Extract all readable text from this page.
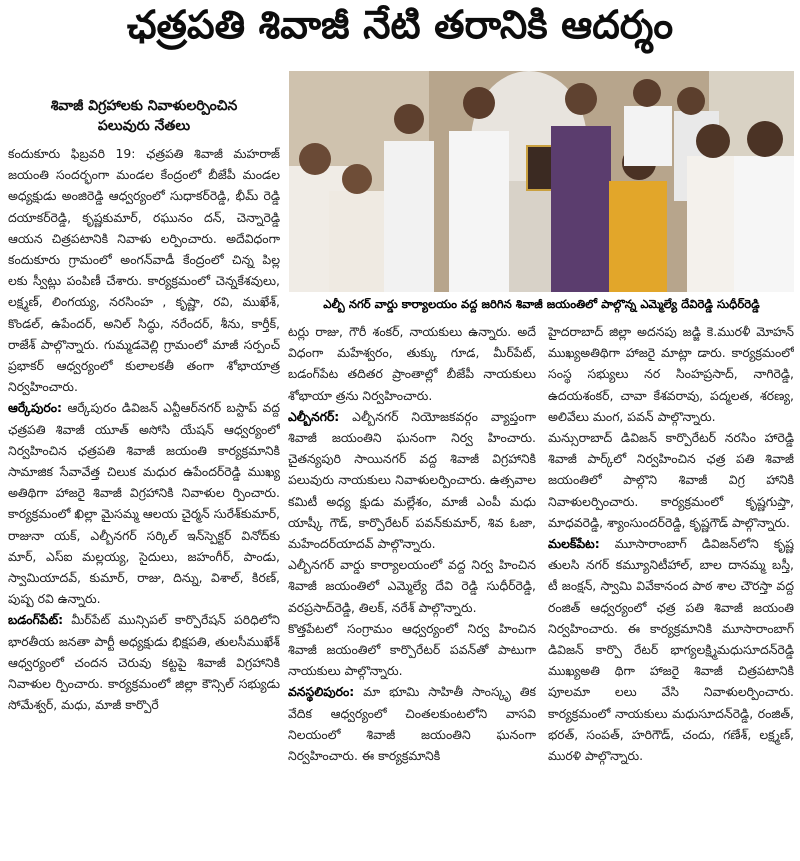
ఛత్రపతి శివాజీ నేటి తరానికి ఆదర్శం
శివాజీ విగ్రహాలకు నివాళులర్పించిన
పలువురు నేతలు

కందుకూరు ఫిబ్రవరి 19: ఛత్రపతి శివాజీ మహరాజ్ జయంతి సందర్భంగా మండల కేంద్రంలో బీజేపీ మండల అధ్యక్షుడు అంజిరెడ్డి ఆధ్వర్యంలో సుధాకర్‌రెడ్డి, భీమ్ రెడ్డి దయాకర్‌రెడ్డి, కృష్ణకుమార్, రఘునం దన్, చెన్నారెడ్డి ఆయన చిత్రపటానికి నివాళు లర్పించారు. అదేవిధంగా కందుకూరు గ్రామంలో అంగన్‌వాడీ కేంద్రంలో చిన్న పిల్ల లకు స్వీట్లు పంపిణీ చేశారు. కార్యక్రమంలో చెన్నకేశవులు, లక్ష్మణ్, లింగయ్య, నరసింహ , కృష్ణా, రవి, ముఖేశ్, కొండల్, ఉపేందర్, అనిల్ సిద్ధు, నరేందర్, శీను, కార్తీక్, రాజేశ్ పాల్గొన్నారు. గుమ్మడవెల్లి గ్రామంలో మాజీ సర్పంచ్ ప్రభాకర్ ఆధ్వర్యంలో కులాలకతీ తంగా శోభాయాత్ర నిర్వహించారు.

ఆర్కేపురం: ఆర్కేపురం డివిజన్ ఎన్టీఆర్‌నగర్ బస్టాప్ వద్ద ఛత్రపతి శివాజీ యూత్ అసోసి యేషన్ ఆధ్వర్యంలో నిర్వహించిన ఛత్రపతి శివాజీ జయంతి కార్యక్రమానికి సామాజిక సేవావేత్త చిలుక మధుర ఉపేందర్‌రెడ్డి ముఖ్య అతిథిగా హాజరై శివాజీ విగ్రహానికి నివాళుల ర్పించారు. కార్యక్రమంలో ఖిల్లా మైసమ్మ ఆలయ చైర్మన్ సురేశ్‌కుమార్, రాజునా యక్, ఎల్బీనగర్ సర్కిల్ ఇన్‌స్పెక్టర్ వినోద్‌కు మార్, ఎస్ఐ మల్లయ్య, సైదులు, జహంగీర్, పాండు, స్వామియాదవ్, కుమార్, రాజు, దిన్ను, విశాల్, కిరణ్, పుష్ప రవి ఉన్నారు.

బడంగ్‌పేట్: మీర్‌పేట్ మున్సిపల్ కార్పొరేషన్ పరిధిలోని భారతీయ జనతా పార్టీ అధ్యక్షుడు భిక్షపతి, తులసీముఖేశ్ ఆధ్వర్యంలో చందన చెరువు కట్టపై శివాజీ విగ్రహానికి నివాళుల ర్పించారు. కార్యక్రమంలో జిల్లా కౌన్సిల్ సభ్యుడు సోమేశ్వర్, మధు, మాజీ కార్పొరే

ఎల్బీ నగర్ వార్డు కార్యాలయం వద్ద జరిగిన శివాజీ జయంతిలో పాల్గొన్న ఎమ్మెల్యే దేవిరెడ్డి సుధీర్‌రెడ్డి

టర్లు రాజు, గౌరీ శంకర్, నాయకులు ఉన్నారు. అదే విధంగా మహేశ్వరం, తుక్కు గూడ, మీర్‌పేట్, బడంగ్‌పేట తదితర ప్రాంతాల్లో బీజేపీ నాయకులు శోభాయా త్రను నిర్వహించారు.

ఎల్బీనగర్: ఎల్బీనగర్ నియోజకవర్గం వ్యాప్తంగా శివాజీ జయంతిని ఘనంగా నిర్వ హించారు. చైతన్యపురి సాయినగర్ వద్ద శివాజీ విగ్రహానికి పలువురు నాయకులు నివాళులర్పించారు. ఉత్సవాల కమిటీ అధ్య క్షుడు మల్లేశం, మాజీ ఎంపీ మధు యాష్కీ గౌడ్, కార్పొరేటర్ పవన్‌కుమార్, శివ ఓజా, మహేందర్‌యాదవ్ పాల్గొన్నారు.

ఎల్బీనగర్ వార్డు కార్యాలయంలో వద్ద నిర్వ హించిన శివాజీ జయంతిలో ఎమ్మెల్యే దేవి రెడ్డి సుధీర్‌రెడ్డి, వరప్రసాద్‌రెడ్డి, తిలక్, నరేశ్ పాల్గొన్నారు.

కొత్తపేటలో సంగ్రామం ఆధ్వర్యంలో నిర్వ హించిన శివాజీ జయంతిలో కార్పొరేటర్ పవన్‌తో పాటుగా నాయకులు పాల్గొన్నారు.

వనస్థలిపురం: మా భూమి సాహితీ సాంస్కృ తిక వేదిక ఆధ్వర్యంలో చింతలకుంటలోని వాసవి నిలయంలో శివాజీ జయంతిని ఘనంగా నిర్వహించారు. ఈ కార్యక్రమానికి

హైదరాబాద్ జిల్లా అదనపు జడ్జి కె.మురళీ మోహన్ ముఖ్యఅతిథిగా హాజరై మాట్లా డారు. కార్యక్రమంలో సంస్థ సభ్యులు నర సింహప్రసాద్, నాగిరెడ్డి, ఉదయశంకర్, చావా కేశవరావు, పద్మలత, శరణ్య, అలివేలు మంగ, పవన్ పాల్గొన్నారు.

మన్సురాబాద్ డివిజన్ కార్పొరేటర్ నరసిం హారెడ్డి శివాజీ పార్క్‌లో నిర్వహించిన ఛత్ర పతి శివాజీ జయంతిలో పాల్గొని శివాజీ విగ్ర హానికి నివాళులర్పించారు. కార్యక్రమంలో కృష్ణగుప్తా, మాధవరెడ్డి, శ్యాంసుందర్‌రెడ్డి, కృష్ణగౌడ్ పాల్గొన్నారు.

మలక్‌పేట: మూసారాంబాగ్ డివిజన్‌లోని కృష్ణ తులసి నగర్ కమ్యూనిటీహాల్, బాల దానమ్మ బస్తీ, టీ జంక్షన్, స్వామి వివేకానంద పాఠ శాల చౌరస్తా వద్ద రంజిత్ ఆధ్వర్యంలో ఛత్ర పతి శివాజీ జయంతి నిర్వహించారు. ఈ కార్యక్రమానికి మూసారాంబాగ్ డివిజన్ కార్పొ రేటర్ భాగ్యలక్ష్మిమధుసూదన్‌రెడ్డి ముఖ్యఅతి థిగా హాజరై శివాజీ చిత్రపటానికి పూలమా లలు వేసి నివాళులర్పించారు. కార్యక్రమంలో నాయకులు మధుసూదన్‌రెడ్డి, రంజిత్, భరత్, సంపత్, హరిగౌడ్, చందు, గణేశ్, లక్ష్మణ్, మురళి పాల్గొన్నారు.
